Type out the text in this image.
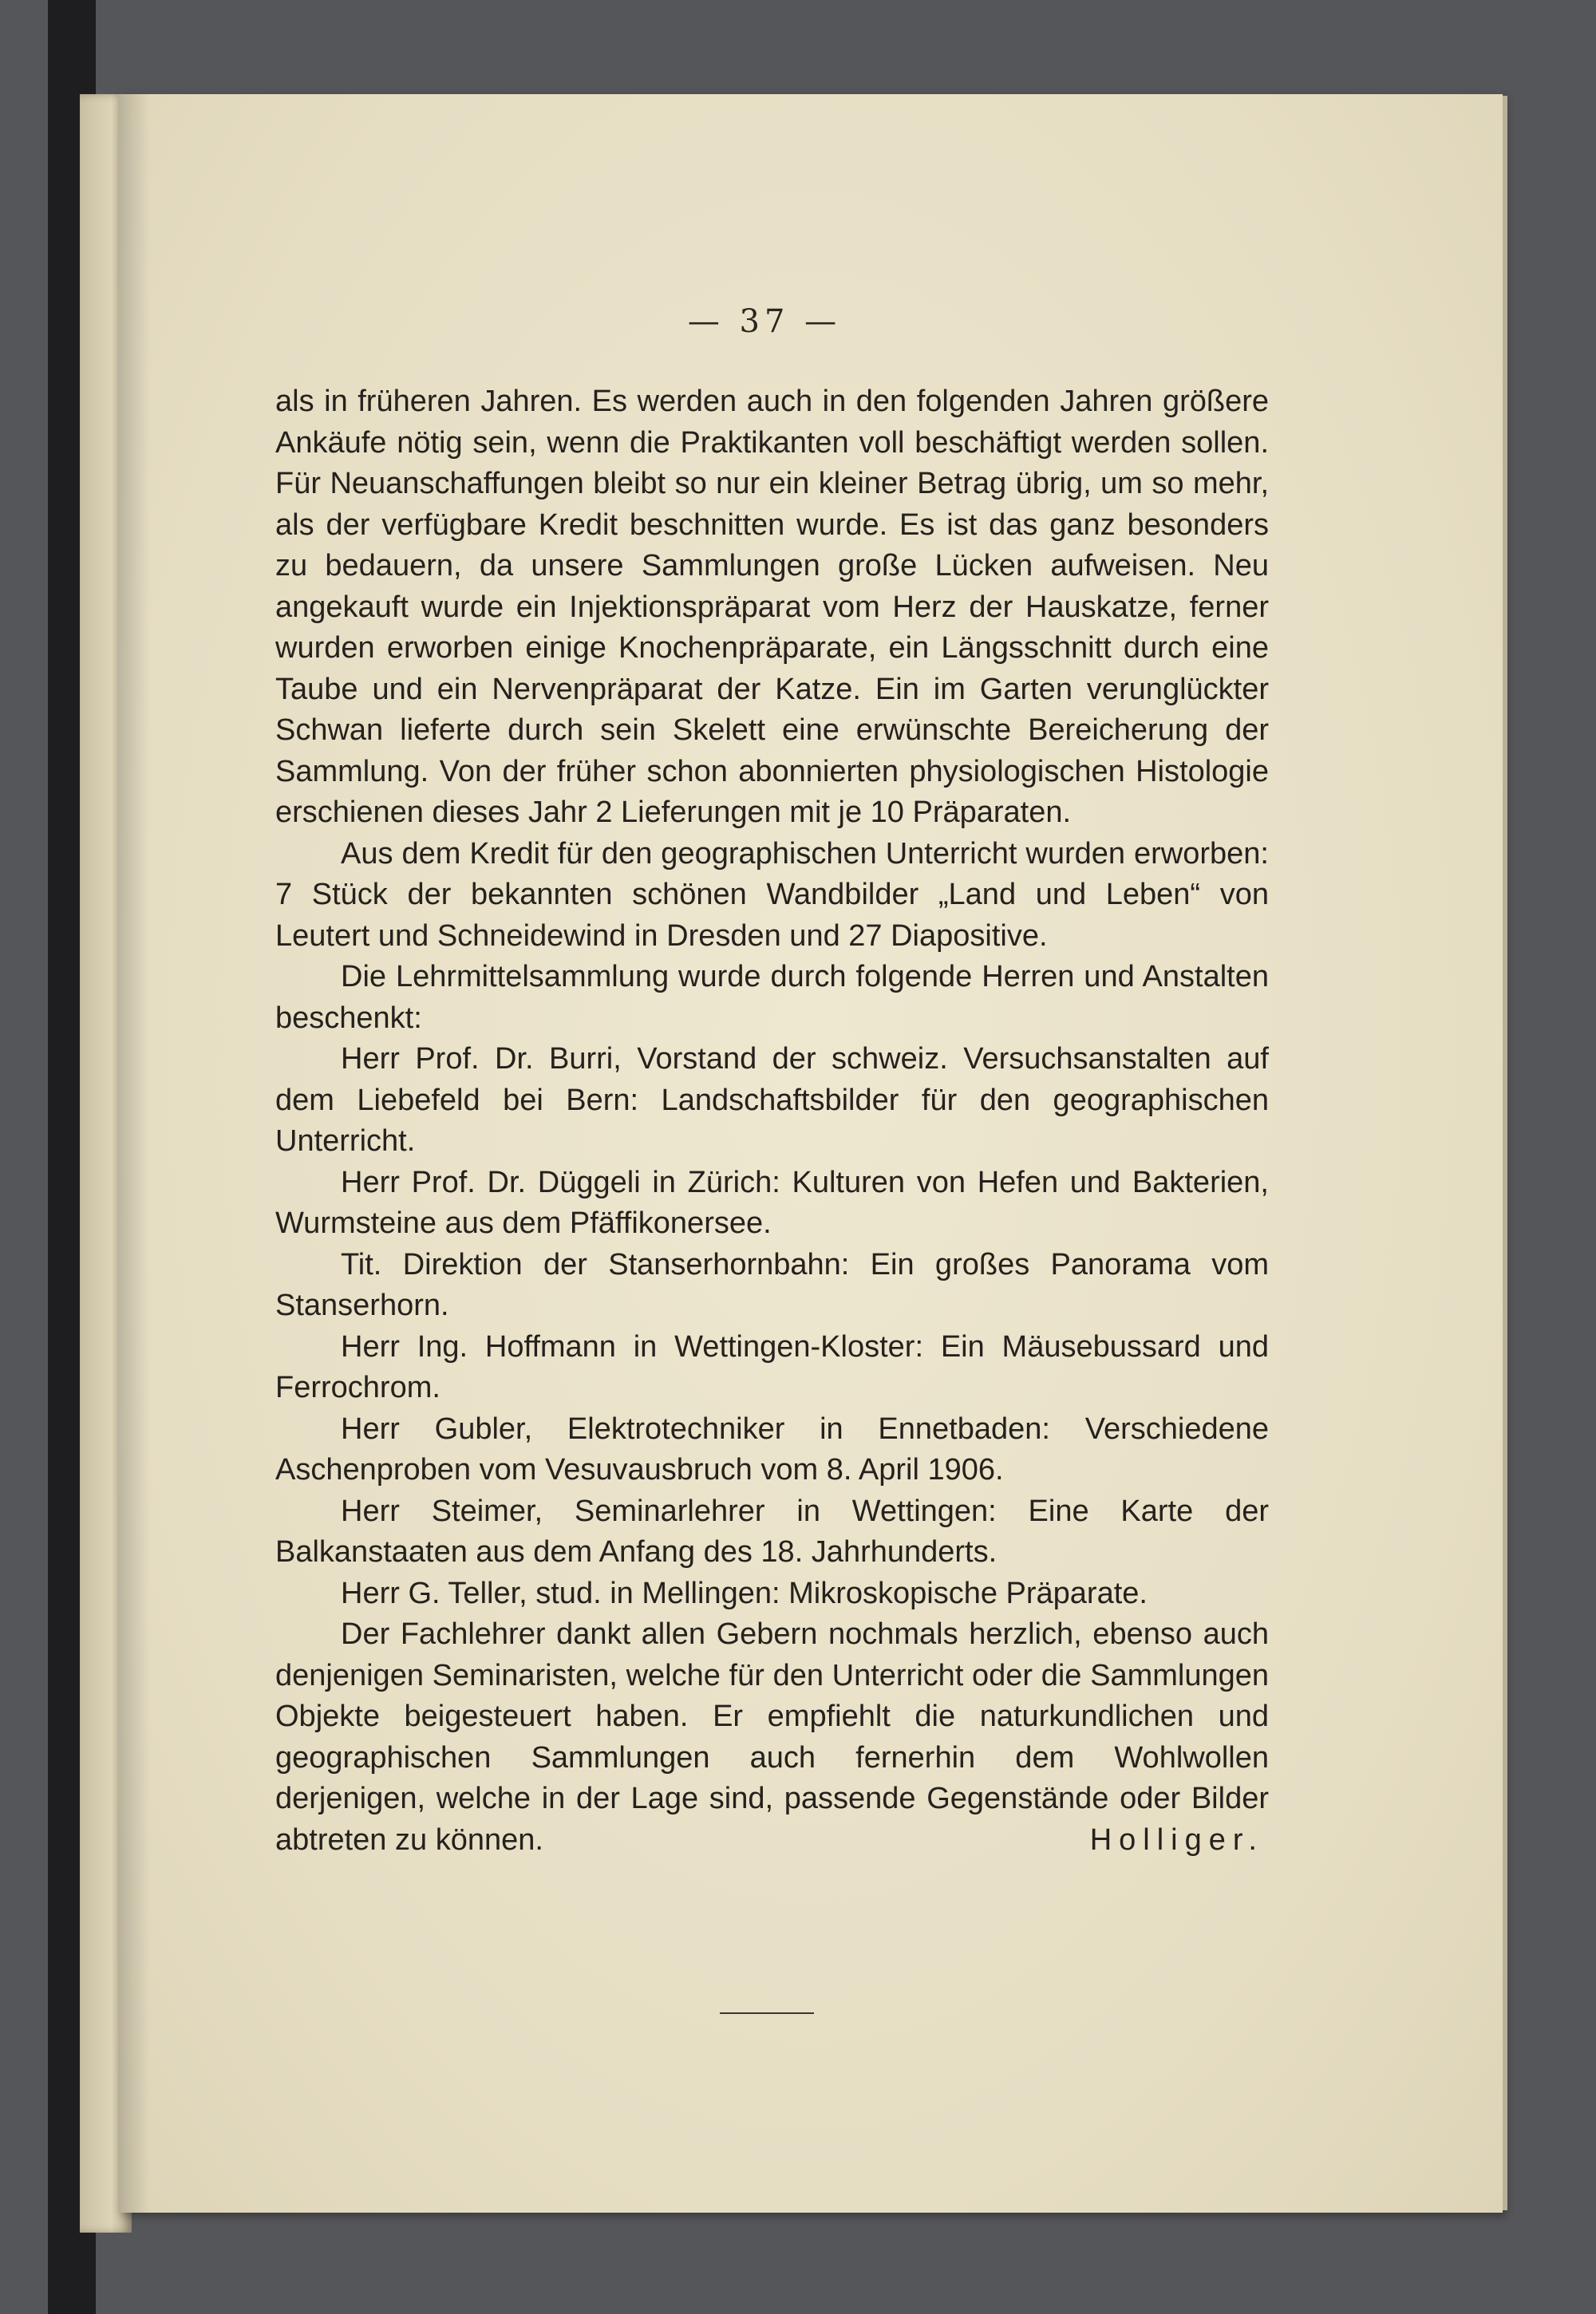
— 37 —

als in früheren Jahren. Es werden auch in den folgenden Jahren größere Ankäufe nötig sein, wenn die Praktikanten voll beschäftigt werden sollen. Für Neuanschaffungen bleibt so nur ein kleiner Betrag übrig, um so mehr, als der verfügbare Kredit beschnitten wurde. Es ist das ganz besonders zu bedauern, da unsere Sammlungen große Lücken aufweisen. Neu angekauft wurde ein Injektionspräparat vom Herz der Hauskatze, ferner wurden erworben einige Knochenpräparate, ein Längsschnitt durch eine Taube und ein Nervenpräparat der Katze. Ein im Garten verunglückter Schwan lieferte durch sein Skelett eine erwünschte Bereicherung der Sammlung. Von der früher schon abonnierten physiologischen Histologie erschienen dieses Jahr 2 Lieferungen mit je 10 Präparaten.

Aus dem Kredit für den geographischen Unterricht wurden erworben: 7 Stück der bekannten schönen Wandbilder „Land und Leben“ von Leutert und Schneidewind in Dresden und 27 Diapositive.

Die Lehrmittelsammlung wurde durch folgende Herren und Anstalten beschenkt:

Herr Prof. Dr. Burri, Vorstand der schweiz. Versuchsanstalten auf dem Liebefeld bei Bern: Landschaftsbilder für den geographischen Unterricht.

Herr Prof. Dr. Düggeli in Zürich: Kulturen von Hefen und Bakterien, Wurmsteine aus dem Pfäffikonersee.

Tit. Direktion der Stanserhornbahn: Ein großes Panorama vom Stanserhorn.

Herr Ing. Hoffmann in Wettingen-Kloster: Ein Mäusebussard und Ferrochrom.

Herr Gubler, Elektrotechniker in Ennetbaden: Verschiedene Aschenproben vom Vesuvausbruch vom 8. April 1906.

Herr Steimer, Seminarlehrer in Wettingen: Eine Karte der Balkanstaaten aus dem Anfang des 18. Jahrhunderts.

Herr G. Teller, stud. in Mellingen: Mikroskopische Präparate.

Der Fachlehrer dankt allen Gebern nochmals herzlich, ebenso auch denjenigen Seminaristen, welche für den Unterricht oder die Sammlungen Objekte beigesteuert haben. Er empfiehlt die naturkundlichen und geographischen Sammlungen auch fernerhin dem Wohlwollen derjenigen, welche in der Lage sind, passende Gegenstände oder Bilder abtreten zu können.	Holliger.
